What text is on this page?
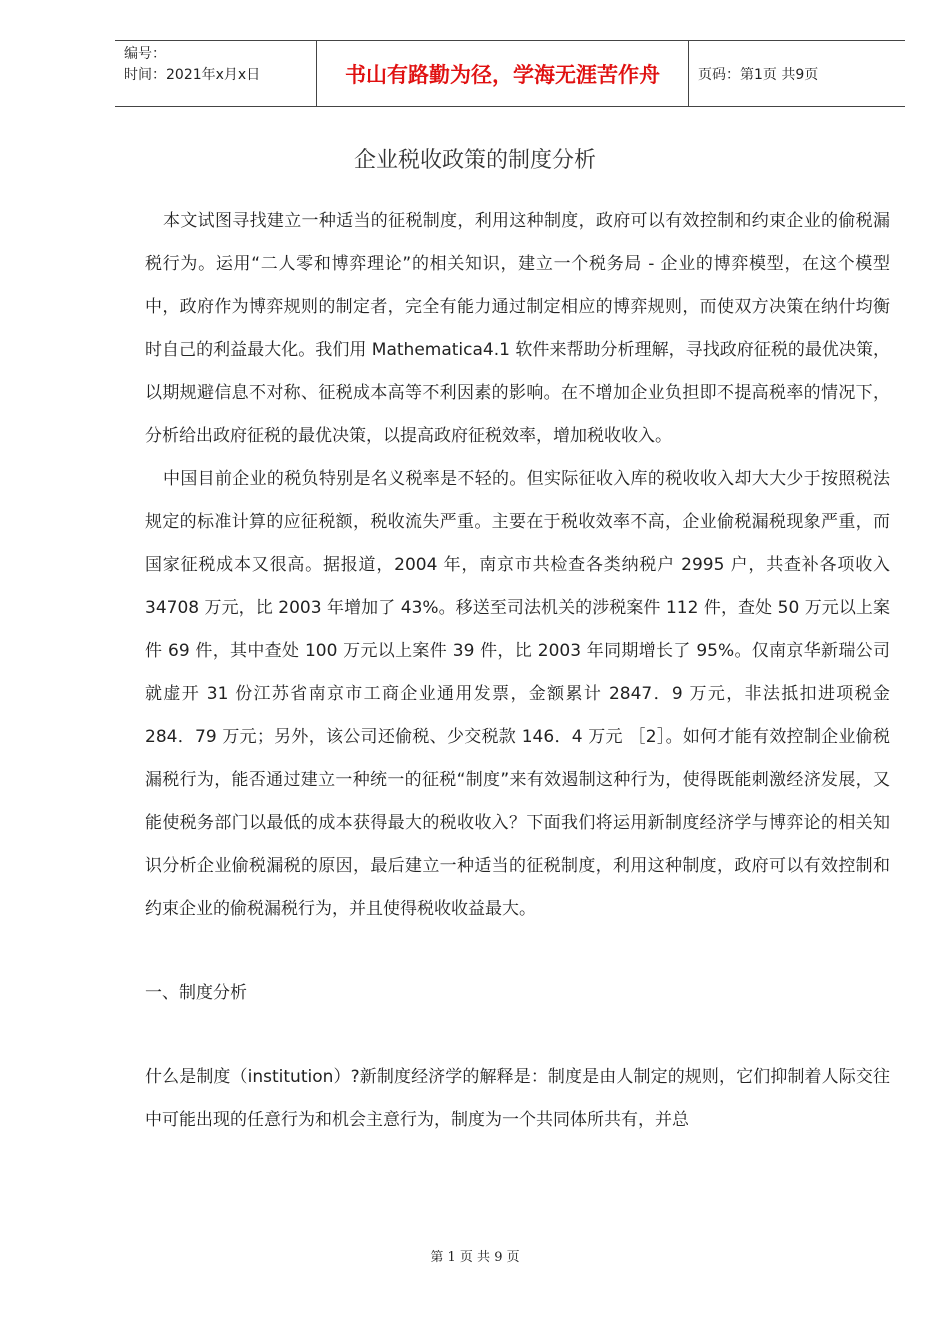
编号：
时间：2021年x月x日	书山有路勤为径，学海无涯苦作舟	页码：第1页 共9页
企业税收政策的制度分析

本文试图寻找建立一种适当的征税制度，利用这种制度，政府可以有效控制和约束企业的偷税漏税行为。运用“二人零和博弈理论”的相关知识，建立一个税务局 - 企业的博弈模型，在这个模型中，政府作为博弈规则的制定者，完全有能力通过制定相应的博弈规则，而使双方决策在纳什均衡时自己的利益最大化。我们用 Mathematica4.1 软件来帮助分析理解，寻找政府征税的最优决策，以期规避信息不对称、征税成本高等不利因素的影响。在不增加企业负担即不提高税率的情况下，分析给出政府征税的最优决策，以提高政府征税效率，增加税收收入。

中国目前企业的税负特别是名义税率是不轻的。但实际征收入库的税收收入却大大少于按照税法规定的标准计算的应征税额，税收流失严重。主要在于税收效率不高，企业偷税漏税现象严重，而国家征税成本又很高。据报道，2004 年，南京市共检查各类纳税户 2995 户，共查补各项收入 34708 万元，比 2003 年增加了 43%。移送至司法机关的涉税案件 112 件，查处 50 万元以上案件 69 件，其中查处 100 万元以上案件 39 件，比 2003 年同期增长了 95%。仅南京华新瑞公司就虚开 31 份江苏省南京市工商企业通用发票，金额累计 2847．9 万元，非法抵扣进项税金 284．79 万元；另外，该公司还偷税、少交税款 146．4 万元 ［2］。如何才能有效控制企业偷税漏税行为，能否通过建立一种统一的征税“制度”来有效遏制这种行为，使得既能刺激经济发展，又能使税务部门以最低的成本获得最大的税收收入？下面我们将运用新制度经济学与博弈论的相关知识分析企业偷税漏税的原因，最后建立一种适当的征税制度，利用这种制度，政府可以有效控制和约束企业的偷税漏税行为，并且使得税收收益最大。

一、制度分析

什么是制度（institution）?新制度经济学的解释是：制度是由人制定的规则，它们抑制着人际交往中可能出现的任意行为和机会主意行为，制度为一个共同体所共有，并总

第 1 页 共 9 页
